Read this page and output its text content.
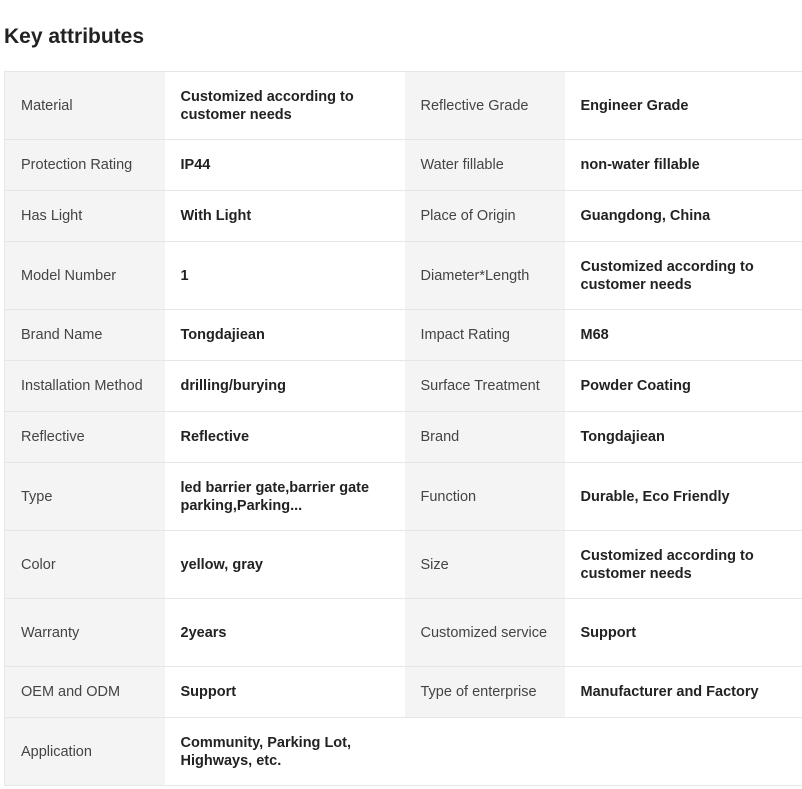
Key attributes
Material	Customized according to customer needs	Reflective Grade	Engineer Grade
Protection Rating	IP44	Water fillable	non-water fillable
Has Light	With Light	Place of Origin	Guangdong, China
Model Number	1	Diameter*Length	Customized according to customer needs
Brand Name	Tongdajiean	Impact Rating	M68
Installation Method	drilling/burying	Surface Treatment	Powder Coating
Reflective	Reflective	Brand	Tongdajiean
Type	led barrier gate,barrier gate parking,Parking...	Function	Durable, Eco Friendly
Color	yellow, gray	Size	Customized according to customer needs
Warranty	2years	Customized service	Support
OEM and ODM	Support	Type of enterprise	Manufacturer and Factory
Application	Community, Parking Lot, Highways, etc.		
